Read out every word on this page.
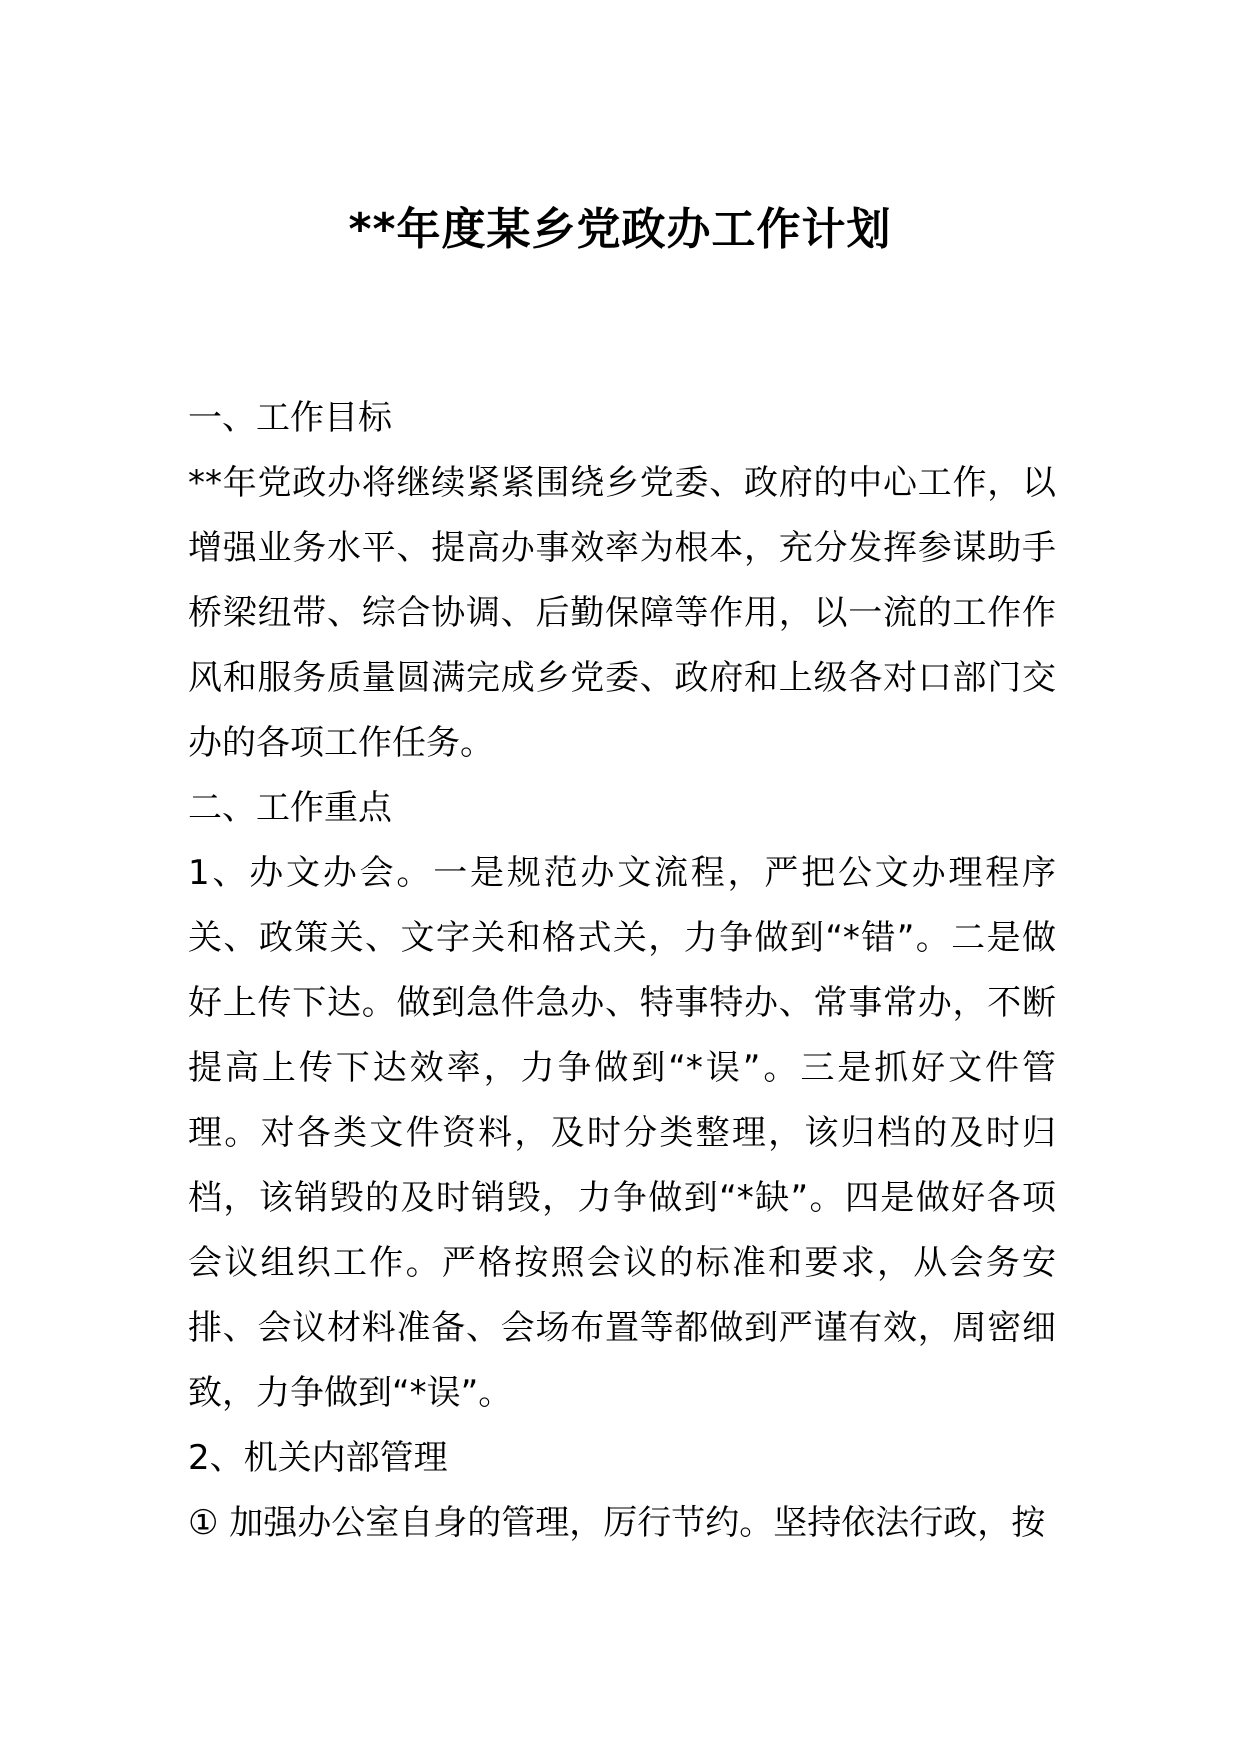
**年度某乡党政办工作计划

一、工作目标

**年党政办将继续紧紧围绕乡党委、政府的中心工作，以增强业务水平、提高办事效率为根本，充分发挥参谋助手桥梁纽带、综合协调、后勤保障等作用，以一流的工作作风和服务质量圆满完成乡党委、政府和上级各对口部门交办的各项工作任务。

二、工作重点

1、办文办会。一是规范办文流程，严把公文办理程序关、政策关、文字关和格式关，力争做到“*错”。二是做好上传下达。做到急件急办、特事特办、常事常办，不断提高上传下达效率，力争做到“*误”。三是抓好文件管理。对各类文件资料，及时分类整理，该归档的及时归档，该销毁的及时销毁，力争做到“*缺”。四是做好各项会议组织工作。严格按照会议的标准和要求，从会务安排、会议材料准备、会场布置等都做到严谨有效，周密细致，力争做到“*误”。

2、机关内部管理

① 加强办公室自身的管理，厉行节约。坚持依法行政，按
